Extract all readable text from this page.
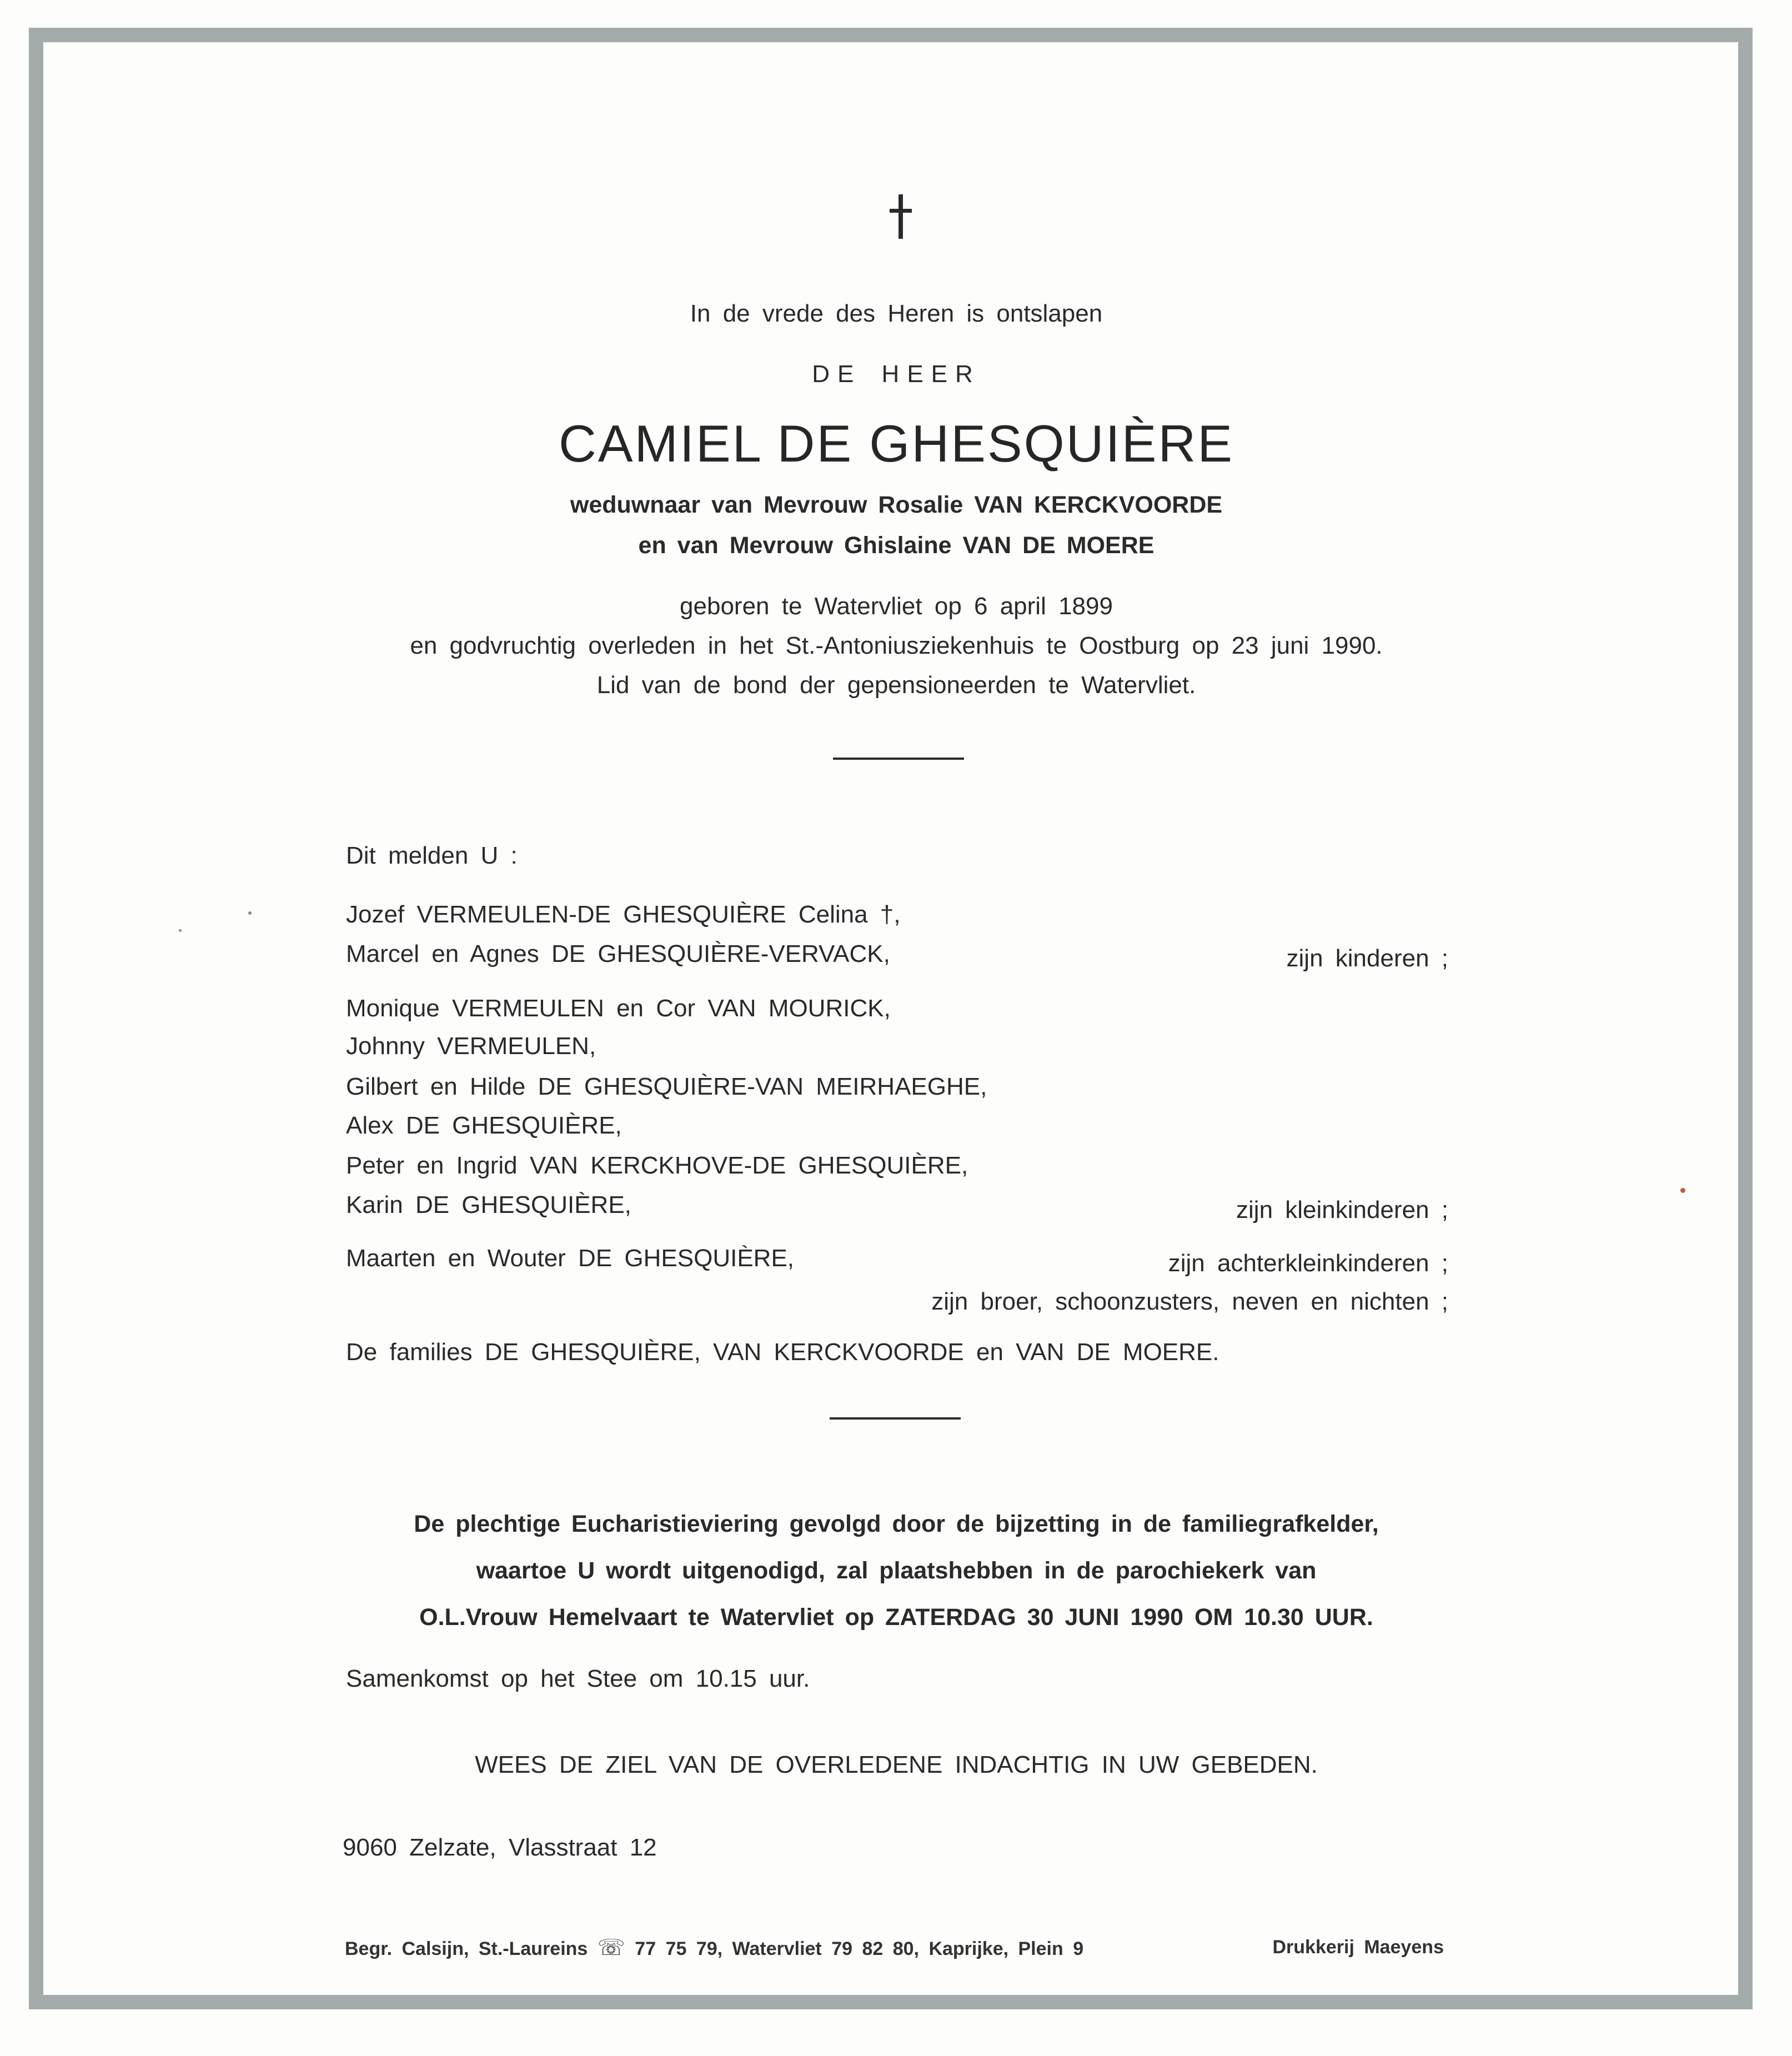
In de vrede des Heren is ontslapen
DE HEER
CAMIEL DE GHESQUIÈRE
weduwnaar van Mevrouw Rosalie VAN KERCKVOORDE
en van Mevrouw Ghislaine VAN DE MOERE
geboren te Watervliet op 6 april 1899
en godvruchtig overleden in het St.-Antoniusziekenhuis te Oostburg op 23 juni 1990.
Lid van de bond der gepensioneerden te Watervliet.
Dit melden U :
Jozef VERMEULEN-DE GHESQUIÈRE Celina †,
Marcel en Agnes DE GHESQUIÈRE-VERVACK,	zijn kinderen ;
Monique VERMEULEN en Cor VAN MOURICK,
Johnny VERMEULEN,
Gilbert en Hilde DE GHESQUIÈRE-VAN MEIRHAEGHE,
Alex DE GHESQUIÈRE,
Peter en Ingrid VAN KERCKHOVE-DE GHESQUIÈRE,
Karin DE GHESQUIÈRE,	zijn kleinkinderen ;
Maarten en Wouter DE GHESQUIÈRE,	zijn achterkleinkinderen ;
zijn broer, schoonzusters, neven en nichten ;
De families DE GHESQUIÈRE, VAN KERCKVOORDE en VAN DE MOERE.
De plechtige Eucharistieviering gevolgd door de bijzetting in de familiegrafkelder,
waartoe U wordt uitgenodigd, zal plaatshebben in de parochiekerk van
O.L.Vrouw Hemelvaart te Watervliet op ZATERDAG 30 JUNI 1990 OM 10.30 UUR.
Samenkomst op het Stee om 10.15 uur.
WEES DE ZIEL VAN DE OVERLEDENE INDACHTIG IN UW GEBEDEN.
9060 Zelzate, Vlasstraat 12
Begr. Calsijn, St.-Laureins ☏ 77 75 79, Watervliet 79 82 80, Kaprijke, Plein 9	Drukkerij Maeyens
